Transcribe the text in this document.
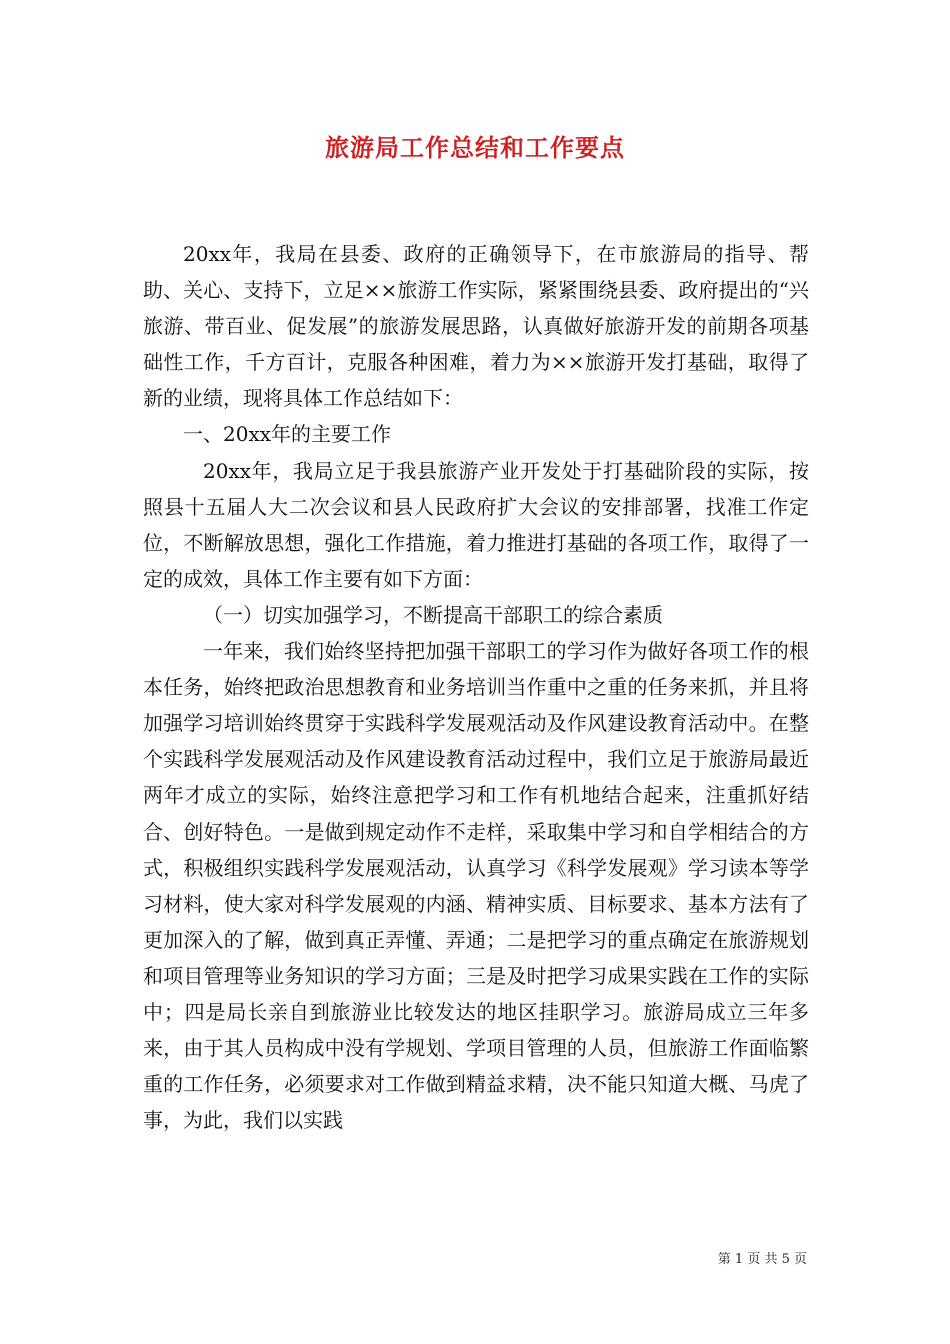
旅游局工作总结和工作要点

20xx年，我局在县委、政府的正确领导下，在市旅游局的指导、帮助、关心、支持下，立足××旅游工作实际，紧紧围绕县委、政府提出的“兴旅游、带百业、促发展”的旅游发展思路，认真做好旅游开发的前期各项基础性工作，千方百计，克服各种困难，着力为××旅游开发打基础，取得了新的业绩，现将具体工作总结如下：

一、20xx年的主要工作

20xx年，我局立足于我县旅游产业开发处于打基础阶段的实际，按照县十五届人大二次会议和县人民政府扩大会议的安排部署，找准工作定位，不断解放思想，强化工作措施，着力推进打基础的各项工作，取得了一定的成效，具体工作主要有如下方面：

（一）切实加强学习，不断提高干部职工的综合素质

一年来，我们始终坚持把加强干部职工的学习作为做好各项工作的根本任务，始终把政治思想教育和业务培训当作重中之重的任务来抓，并且将加强学习培训始终贯穿于实践科学发展观活动及作风建设教育活动中。在整个实践科学发展观活动及作风建设教育活动过程中，我们立足于旅游局最近两年才成立的实际，始终注意把学习和工作有机地结合起来，注重抓好结合、创好特色。一是做到规定动作不走样，采取集中学习和自学相结合的方式，积极组织实践科学发展观活动，认真学习《科学发展观》学习读本等学习材料，使大家对科学发展观的内涵、精神实质、目标要求、基本方法有了更加深入的了解，做到真正弄懂、弄通；二是把学习的重点确定在旅游规划和项目管理等业务知识的学习方面；三是及时把学习成果实践在工作的实际中；四是局长亲自到旅游业比较发达的地区挂职学习。旅游局成立三年多来，由于其人员构成中没有学规划、学项目管理的人员，但旅游工作面临繁重的工作任务，必须要求对工作做到精益求精，决不能只知道大概、马虎了事，为此，我们以实践

第 1 页 共 5 页
